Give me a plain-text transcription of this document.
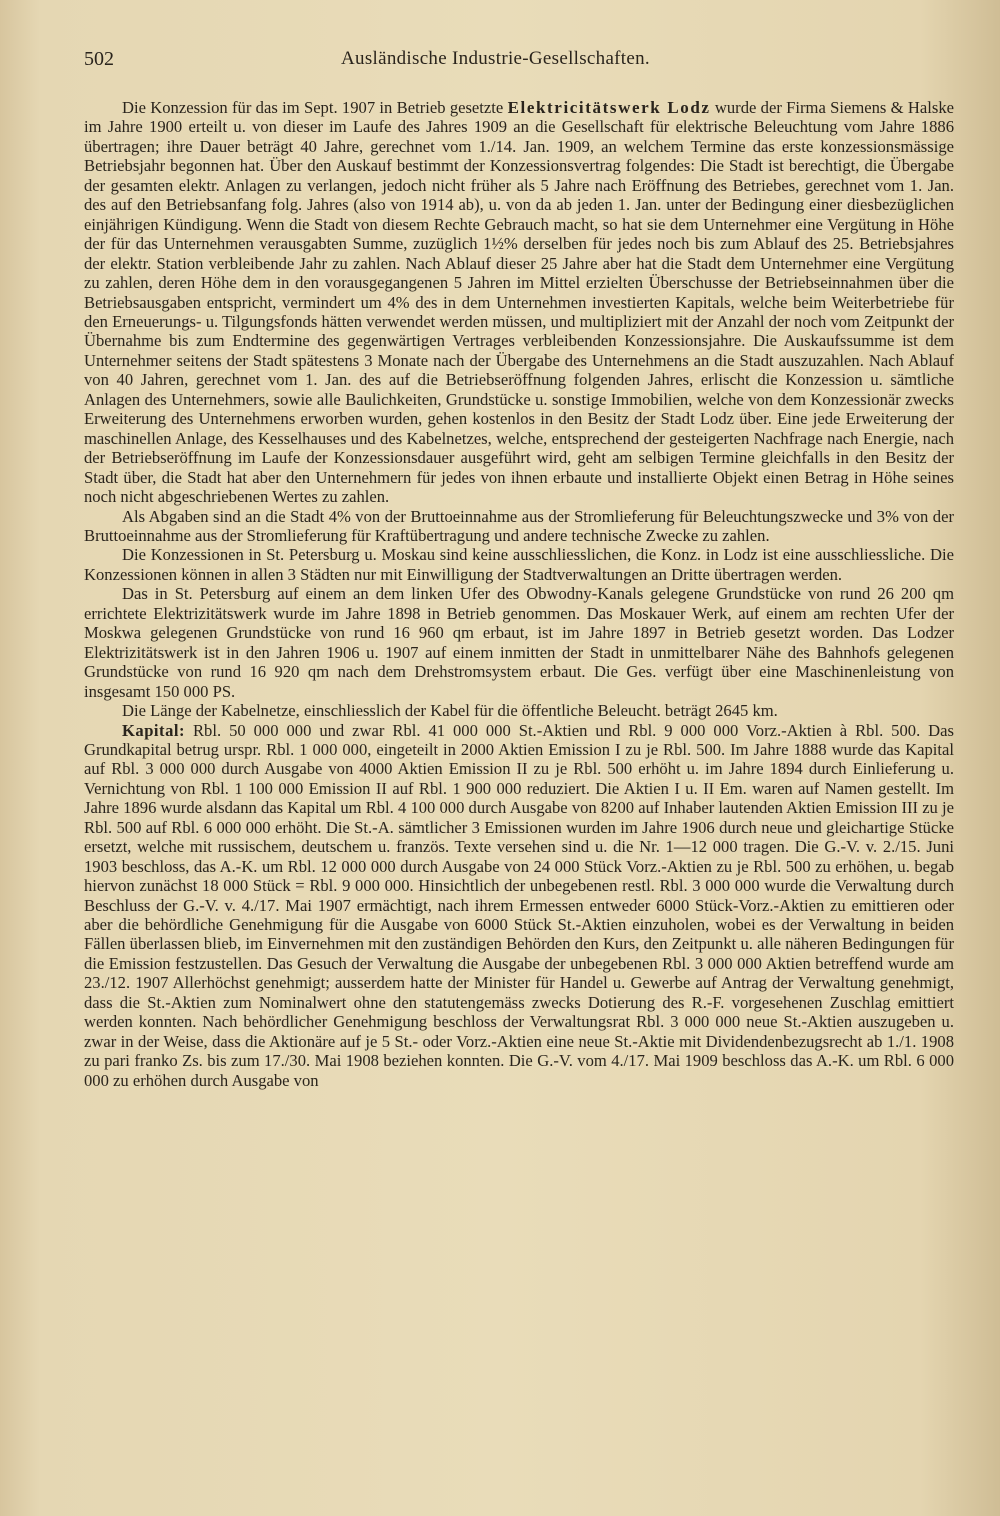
502	Ausländische Industrie-Gesellschaften.

Die Konzession für das im Sept. 1907 in Betrieb gesetzte Elektricitätswerk Lodz wurde der Firma Siemens & Halske im Jahre 1900 erteilt u. von dieser im Laufe des Jahres 1909 an die Gesellschaft für elektrische Beleuchtung vom Jahre 1886 übertragen; ihre Dauer beträgt 40 Jahre, gerechnet vom 1./14. Jan. 1909, an welchem Termine das erste konzessionsmässige Betriebsjahr begonnen hat. Über den Auskauf bestimmt der Konzessionsvertrag folgendes: Die Stadt ist berechtigt, die Übergabe der gesamten elektr. Anlagen zu verlangen, jedoch nicht früher als 5 Jahre nach Eröffnung des Betriebes, gerechnet vom 1. Jan. des auf den Betriebsanfang folg. Jahres (also von 1914 ab), u. von da ab jeden 1. Jan. unter der Bedingung einer diesbezüglichen einjährigen Kündigung. Wenn die Stadt von diesem Rechte Gebrauch macht, so hat sie dem Unternehmer eine Vergütung in Höhe der für das Unternehmen verausgabten Summe, zuzüglich 1½% derselben für jedes noch bis zum Ablauf des 25. Betriebsjahres der elektr. Station verbleibende Jahr zu zahlen. Nach Ablauf dieser 25 Jahre aber hat die Stadt dem Unternehmer eine Vergütung zu zahlen, deren Höhe dem in den vorausgegangenen 5 Jahren im Mittel erzielten Überschusse der Betriebseinnahmen über die Betriebsausgaben entspricht, vermindert um 4% des in dem Unternehmen investierten Kapitals, welche beim Weiterbetriebe für den Erneuerungs- u. Tilgungsfonds hätten verwendet werden müssen, und multipliziert mit der Anzahl der noch vom Zeitpunkt der Übernahme bis zum Endtermine des gegenwärtigen Vertrages verbleibenden Konzessionsjahre. Die Auskaufssumme ist dem Unternehmer seitens der Stadt spätestens 3 Monate nach der Übergabe des Unternehmens an die Stadt auszuzahlen. Nach Ablauf von 40 Jahren, gerechnet vom 1. Jan. des auf die Betriebseröffnung folgenden Jahres, erlischt die Konzession u. sämtliche Anlagen des Unternehmers, sowie alle Baulichkeiten, Grundstücke u. sonstige Immobilien, welche von dem Konzessionär zwecks Erweiterung des Unternehmens erworben wurden, gehen kostenlos in den Besitz der Stadt Lodz über. Eine jede Erweiterung der maschinellen Anlage, des Kesselhauses und des Kabelnetzes, welche, entsprechend der gesteigerten Nachfrage nach Energie, nach der Betriebseröffnung im Laufe der Konzessionsdauer ausgeführt wird, geht am selbigen Termine gleichfalls in den Besitz der Stadt über, die Stadt hat aber den Unternehmern für jedes von ihnen erbaute und installierte Objekt einen Betrag in Höhe seines noch nicht abgeschriebenen Wertes zu zahlen.

Als Abgaben sind an die Stadt 4% von der Bruttoeinnahme aus der Stromlieferung für Beleuchtungszwecke und 3% von der Bruttoeinnahme aus der Stromlieferung für Kraftübertragung und andere technische Zwecke zu zahlen.

Die Konzessionen in St. Petersburg u. Moskau sind keine ausschliesslichen, die Konz. in Lodz ist eine ausschliessliche. Die Konzessionen können in allen 3 Städten nur mit Einwilligung der Stadtverwaltungen an Dritte übertragen werden.

Das in St. Petersburg auf einem an dem linken Ufer des Obwodny-Kanals gelegene Grundstücke von rund 26 200 qm errichtete Elektrizitätswerk wurde im Jahre 1898 in Betrieb genommen. Das Moskauer Werk, auf einem am rechten Ufer der Moskwa gelegenen Grundstücke von rund 16 960 qm erbaut, ist im Jahre 1897 in Betrieb gesetzt worden. Das Lodzer Elektrizitätswerk ist in den Jahren 1906 u. 1907 auf einem inmitten der Stadt in unmittelbarer Nähe des Bahnhofs gelegenen Grundstücke von rund 16 920 qm nach dem Drehstromsystem erbaut. Die Ges. verfügt über eine Maschinenleistung von insgesamt 150 000 PS.

Die Länge der Kabelnetze, einschliesslich der Kabel für die öffentliche Beleucht. beträgt 2645 km.

Kapital: Rbl. 50 000 000 und zwar Rbl. 41 000 000 St.-Aktien und Rbl. 9 000 000 Vorz.-Aktien à Rbl. 500. Das Grundkapital betrug urspr. Rbl. 1 000 000, eingeteilt in 2000 Aktien Emission I zu je Rbl. 500. Im Jahre 1888 wurde das Kapital auf Rbl. 3 000 000 durch Ausgabe von 4000 Aktien Emission II zu je Rbl. 500 erhöht u. im Jahre 1894 durch Einlieferung u. Vernichtung von Rbl. 1 100 000 Emission II auf Rbl. 1 900 000 reduziert. Die Aktien I u. II Em. waren auf Namen gestellt. Im Jahre 1896 wurde alsdann das Kapital um Rbl. 4 100 000 durch Ausgabe von 8200 auf Inhaber lautenden Aktien Emission III zu je Rbl. 500 auf Rbl. 6 000 000 erhöht. Die St.-A. sämtlicher 3 Emissionen wurden im Jahre 1906 durch neue und gleichartige Stücke ersetzt, welche mit russischem, deutschem u. französ. Texte versehen sind u. die Nr. 1—12 000 tragen. Die G.-V. v. 2./15. Juni 1903 beschloss, das A.-K. um Rbl. 12 000 000 durch Ausgabe von 24 000 Stück Vorz.-Aktien zu je Rbl. 500 zu erhöhen, u. begab hiervon zunächst 18 000 Stück = Rbl. 9 000 000. Hinsichtlich der unbegebenen restl. Rbl. 3 000 000 wurde die Verwaltung durch Beschluss der G.-V. v. 4./17. Mai 1907 ermächtigt, nach ihrem Ermessen entweder 6000 Stück-Vorz.-Aktien zu emittieren oder aber die behördliche Genehmigung für die Ausgabe von 6000 Stück St.-Aktien einzuholen, wobei es der Verwaltung in beiden Fällen überlassen blieb, im Einvernehmen mit den zuständigen Behörden den Kurs, den Zeitpunkt u. alle näheren Bedingungen für die Emission festzustellen. Das Gesuch der Verwaltung die Ausgabe der unbegebenen Rbl. 3 000 000 Aktien betreffend wurde am 23./12. 1907 Allerhöchst genehmigt; ausserdem hatte der Minister für Handel u. Gewerbe auf Antrag der Verwaltung genehmigt, dass die St.-Aktien zum Nominalwert ohne den statutengemäss zwecks Dotierung des R.-F. vorgesehenen Zuschlag emittiert werden konnten. Nach behördlicher Genehmigung beschloss der Verwaltungsrat Rbl. 3 000 000 neue St.-Aktien auszugeben u. zwar in der Weise, dass die Aktionäre auf je 5 St.- oder Vorz.-Aktien eine neue St.-Aktie mit Dividendenbezugsrecht ab 1./1. 1908 zu pari franko Zs. bis zum 17./30. Mai 1908 beziehen konnten. Die G.-V. vom 4./17. Mai 1909 beschloss das A.-K. um Rbl. 6 000 000 zu erhöhen durch Ausgabe von
